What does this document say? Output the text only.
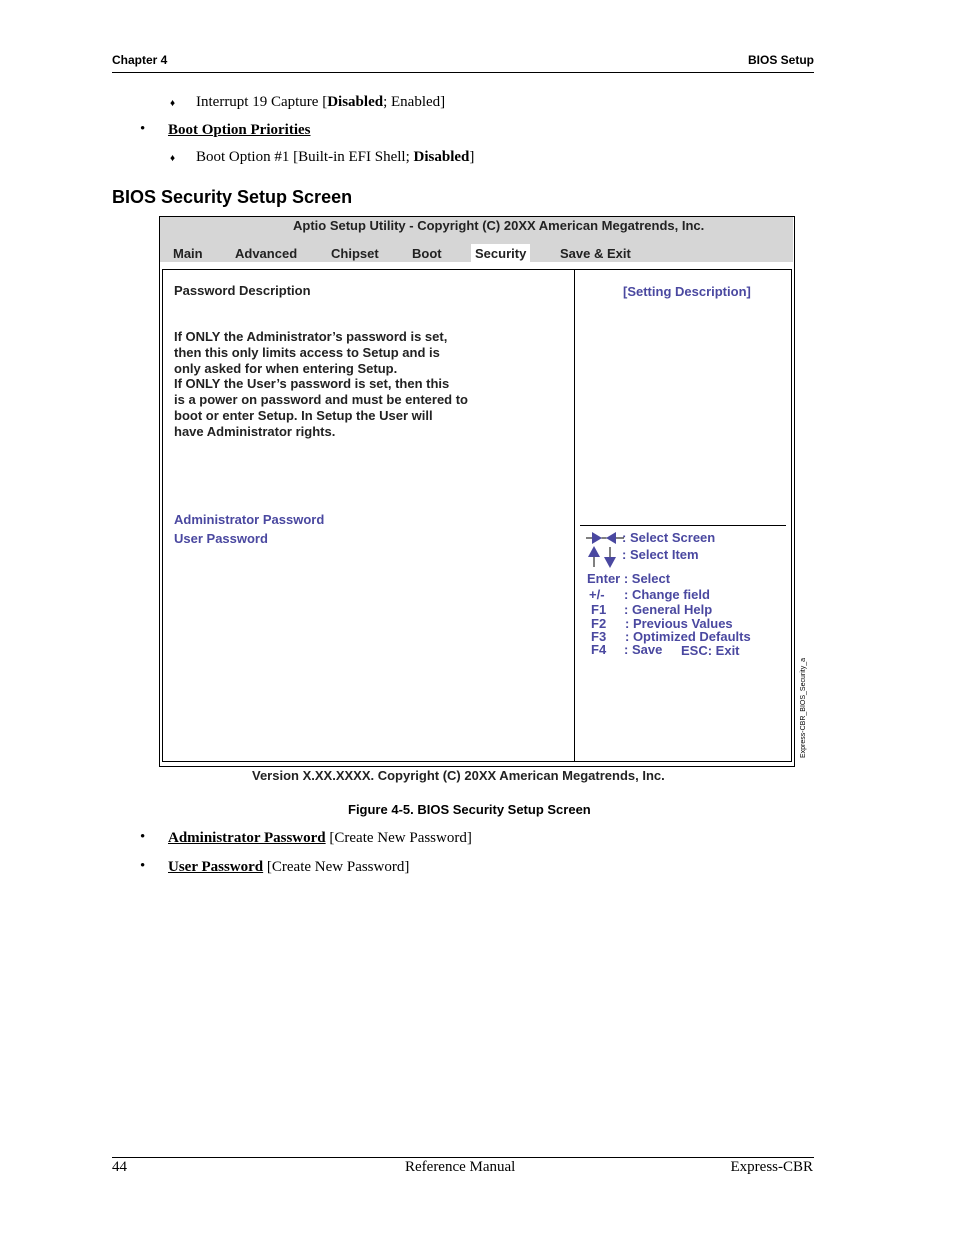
Chapter 4	BIOS Setup
♦ Interrupt 19 Capture [Disabled; Enabled]
• Boot Option Priorities
♦ Boot Option #1 [Built-in EFI Shell; Disabled]
BIOS Security Setup Screen
Aptio Setup Utility - Copyright (C) 20XX American Megatrends, Inc.
Main Advanced	Chipset	Boot	Security	Save & Exit
Password Description
If ONLY the Administrator’s password is set,
then this only limits access to Setup and is
only asked for when entering Setup.
If ONLY the User’s password is set, then this
is a power on password and must be entered to
boot or enter Setup. In Setup the User will
have Administrator rights.
Administrator Password
User Password
[Setting Description]
: Select Screen
: Select Item
Enter : Select
+/- : Change field
F1 : General Help
F2 : Previous Values
F3 : Optimized Defaults
F4 : Save ESC: Exit
Express-CBR_BIOS_Security_a
Version X.XX.XXXX. Copyright (C) 20XX American Megatrends, Inc.
Figure 4-5. BIOS Security Setup Screen
• Administrator Password [Create New Password]
• User Password [Create New Password]
44	Reference Manual	Express-CBR
